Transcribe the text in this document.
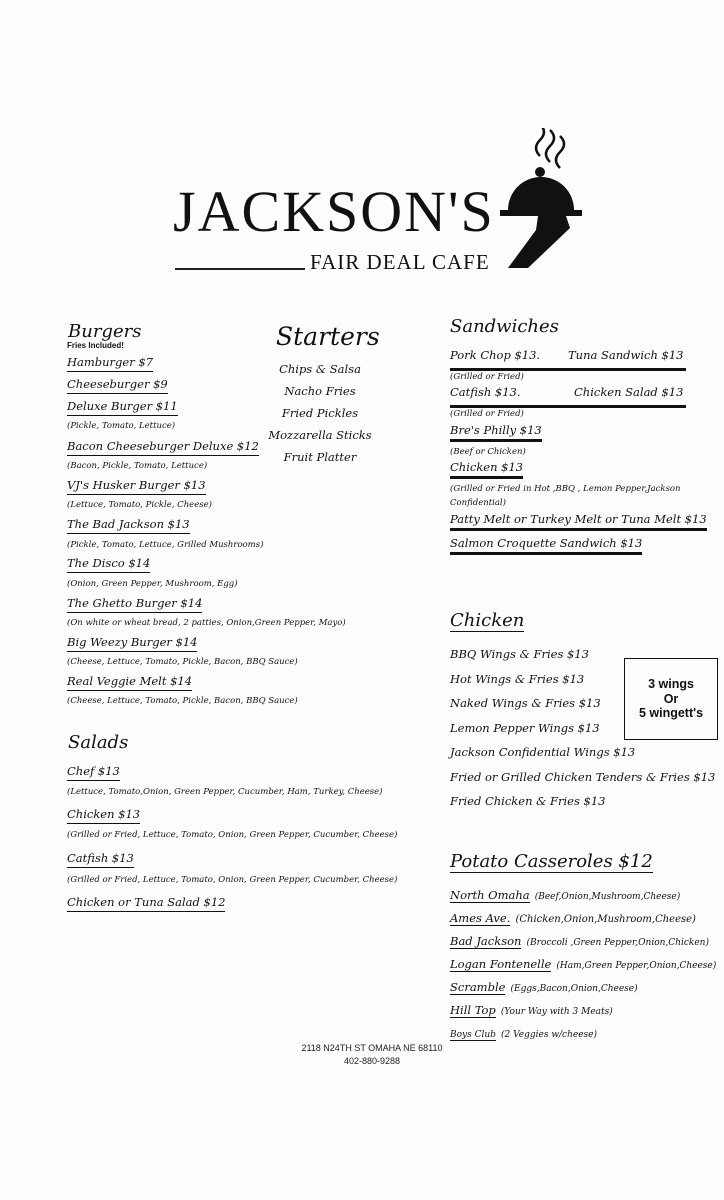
JACKSON'S
FAIR DEAL CAFE
Burgers
Fries Included!
Hamburger $7
Cheeseburger $9
Deluxe Burger $11
(Pickle, Tomato, Lettuce)
Bacon Cheeseburger Deluxe $12
(Bacon, Pickle, Tomato, Lettuce)
VJ's Husker Burger $13
(Lettuce, Tomato, Pickle, Cheese)
The Bad Jackson $13
(Pickle, Tomato, Lettuce, Grilled Mushrooms)
The Disco $14
(Onion, Green Pepper, Mushroom, Egg)
The Ghetto Burger $14
(On white or wheat bread, 2 patties, Onion,Green Pepper, Mayo)
Big Weezy Burger $14
(Cheese, Lettuce, Tomato, Pickle, Bacon, BBQ Sauce)
Real Veggie Melt $14
(Cheese, Lettuce, Tomato, Pickle, Bacon, BBQ Sauce)
Starters
Chips & Salsa
Nacho Fries
Fried Pickles
Mozzarella Sticks
Fruit Platter
Salads
Chef $13
(Lettuce, Tomato,Onion, Green Pepper, Cucumber, Ham, Turkey, Cheese)
Chicken $13
(Grilled or Fried, Lettuce, Tomato, Onion, Green Pepper, Cucumber, Cheese)
Catfish $13
(Grilled or Fried, Lettuce, Tomato, Onion, Green Pepper, Cucumber, Cheese)
Chicken or Tuna Salad $12
Sandwiches
Pork Chop $13. Tuna Sandwich $13
(Grilled or Fried)
Catfish $13.	Chicken Salad $13
(Grilled or Fried)
Bre's Philly $13
(Beef or Chicken)
Chicken $13
(Grilled or Fried in Hot ,BBQ , Lemon Pepper,Jackson
Confidential)
Patty Melt or Turkey Melt or Tuna Melt $13
Salmon Croquette Sandwich $13
Chicken
BBQ Wings & Fries $13
Hot Wings & Fries $13
Naked Wings & Fries $13
Lemon Pepper Wings $13
Jackson Confidential Wings $13
Fried or Grilled Chicken Tenders & Fries $13
Fried Chicken & Fries $13
3 wings
Or
5 wingett's
Potato Casseroles $12
North Omaha (Beef,Onion,Mushroom,Cheese)
Ames Ave. (Chicken,Onion,Mushroom,Cheese)
Bad Jackson (Broccoli ,Green Pepper,Onion,Chicken)
Logan Fontenelle (Ham,Green Pepper,Onion,Cheese)
Scramble (Eggs,Bacon,Onion,Cheese)
Hill Top (Your Way with 3 Meats)
Boys Club (2 Veggies w/cheese)
2118 N24TH ST OMAHA NE 68110
402-880-9288
